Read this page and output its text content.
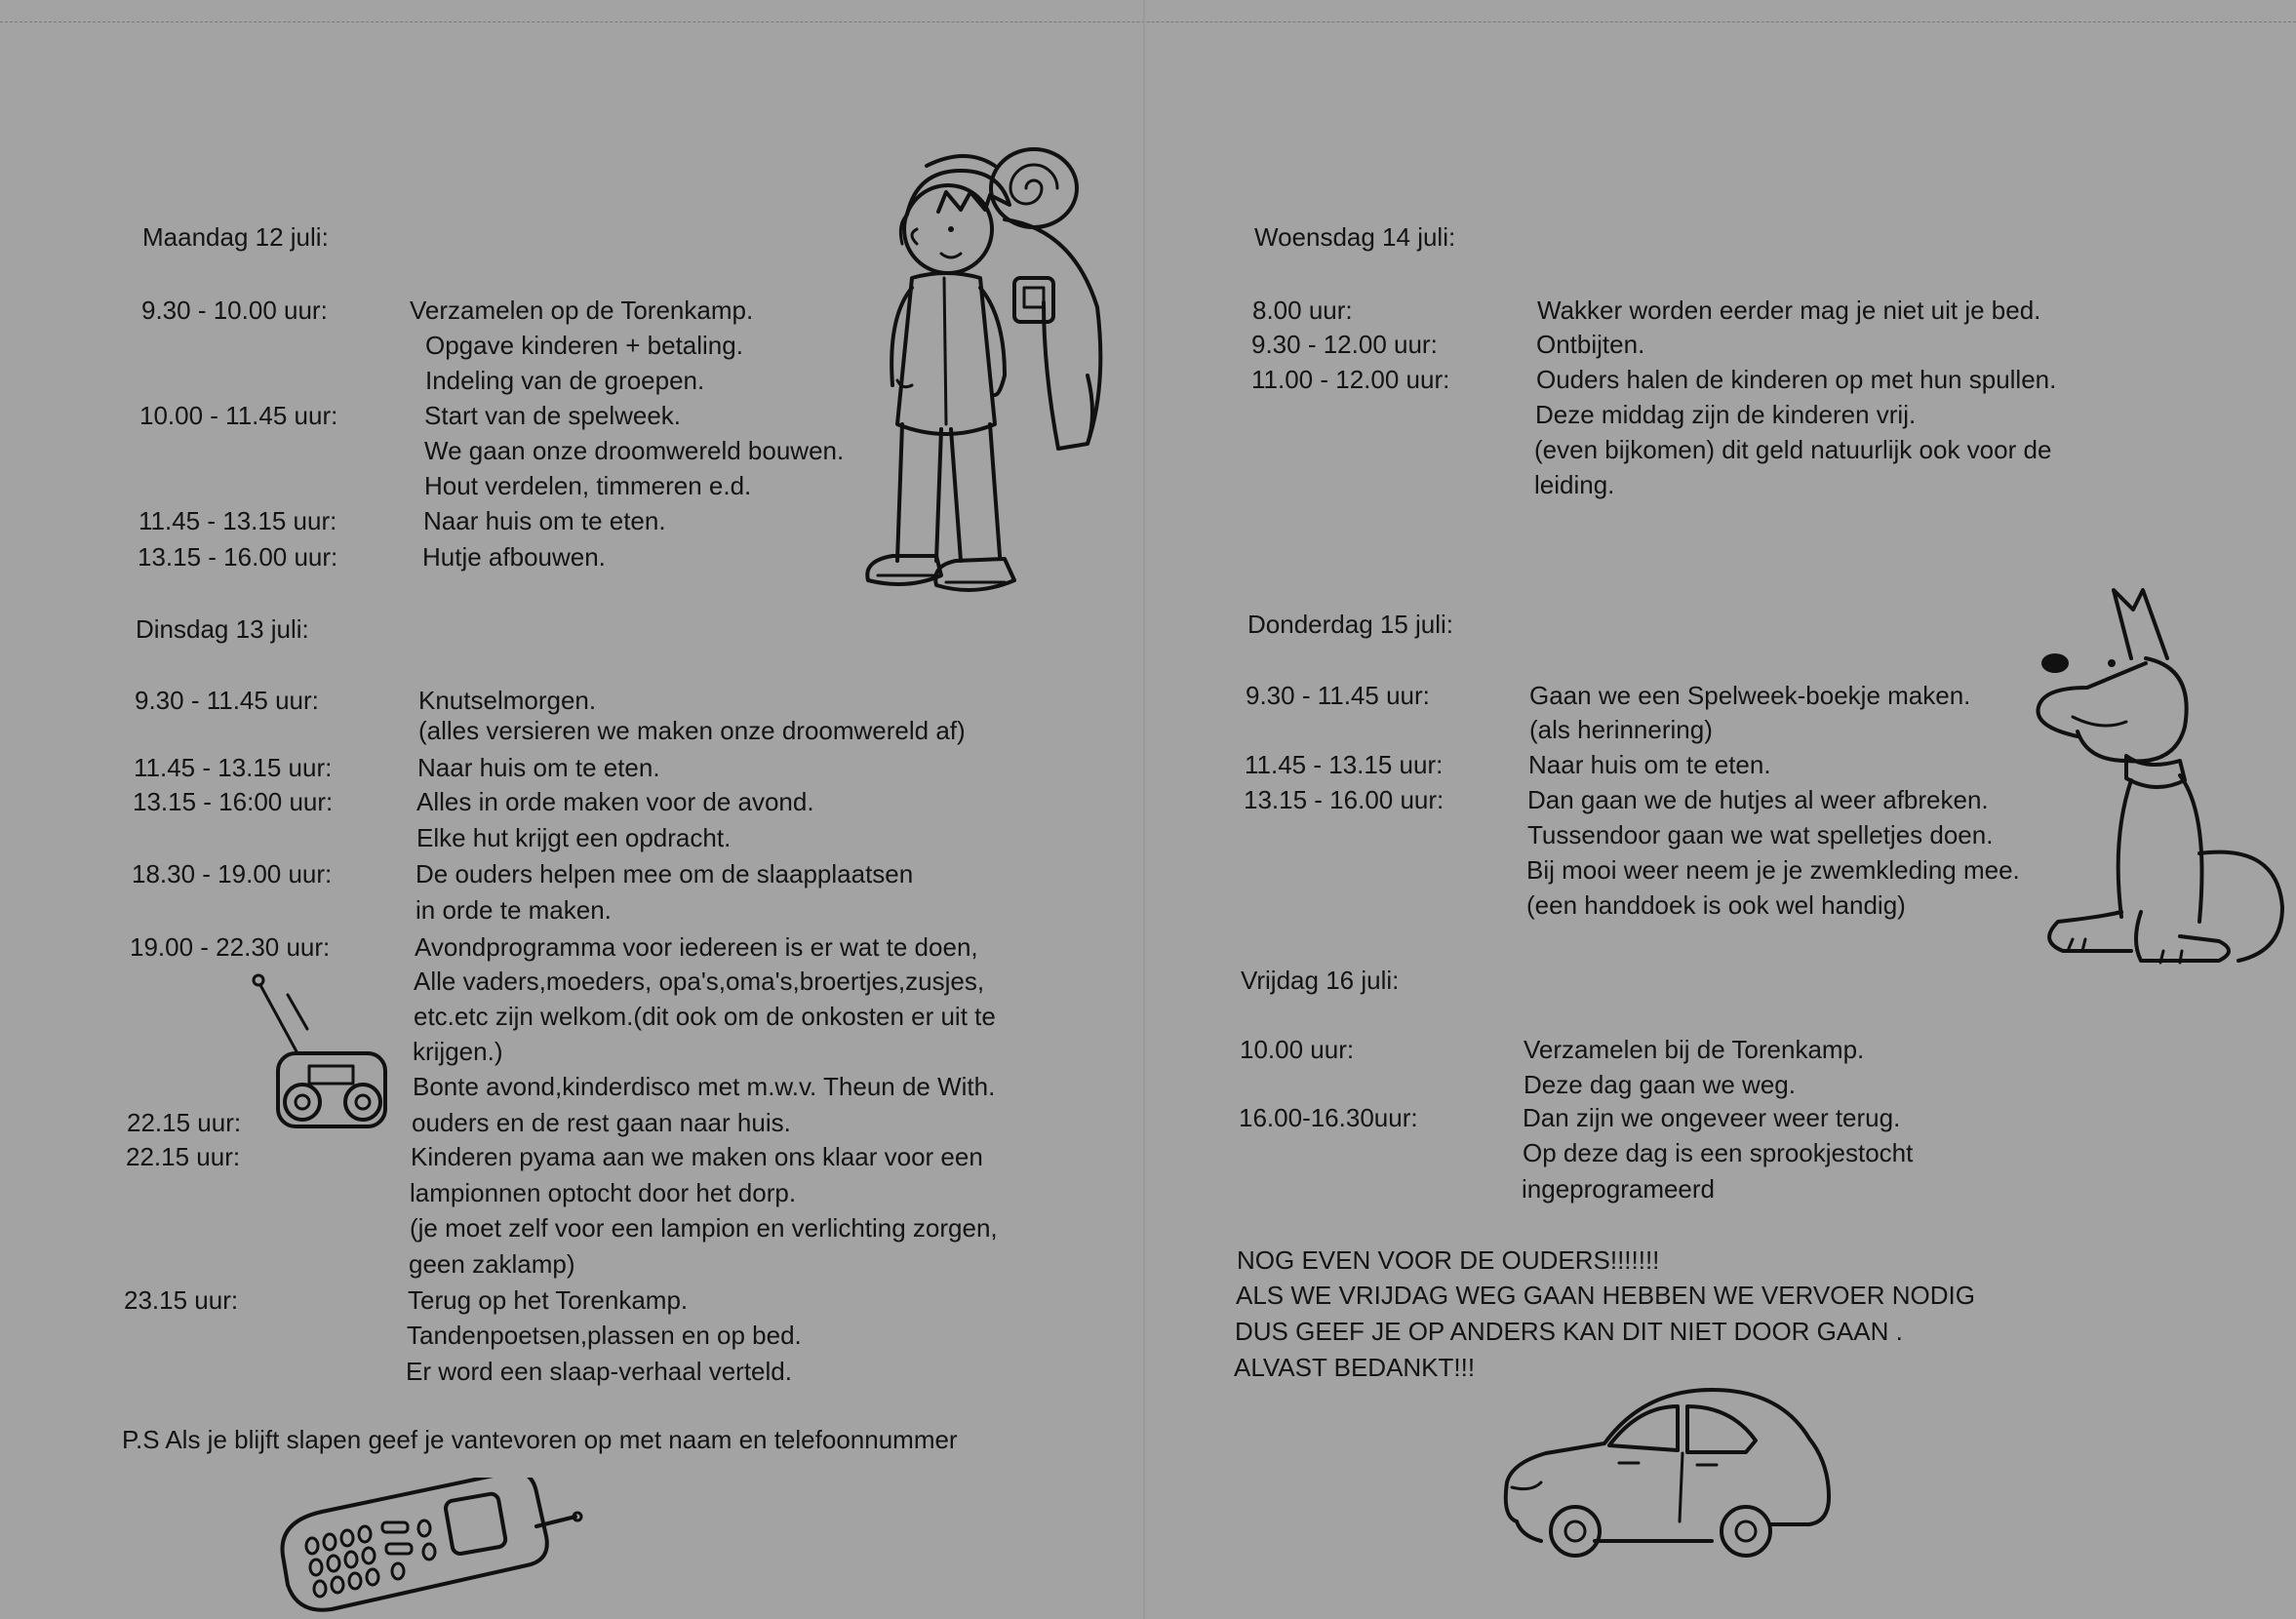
Maandag 12 juli:
9.30 - 10.00 uur:	Verzamelen op de Torenkamp.
Opgave kinderen + betaling.
Indeling van de groepen.
10.00 - 11.45 uur:	Start van de spelweek.
We gaan onze droomwereld bouwen.
Hout verdelen, timmeren e.d.
11.45 - 13.15 uur:	Naar huis om te eten.
13.15 - 16.00 uur:	Hutje afbouwen.
Dinsdag 13 juli:
9.30 - 11.45 uur:	Knutselmorgen.
(alles versieren we maken onze droomwereld af)
11.45 - 13.15 uur:	Naar huis om te eten.
13.15 - 16:00 uur:	Alles in orde maken voor de avond.
Elke hut krijgt een opdracht.
18.30 - 19.00 uur:	De ouders helpen mee om de slaapplaatsen
in orde te maken.
19.00 - 22.30 uur:	Avondprogramma voor iedereen is er wat te doen,
Alle vaders,moeders, opa's,oma's,broertjes,zusjes,
etc.etc zijn welkom.(dit ook om de onkosten er uit te
krijgen.)
Bonte avond,kinderdisco met m.w.v. Theun de With.
22.15 uur:	ouders en de rest gaan naar huis.
22.15 uur:	Kinderen pyama aan we maken ons klaar voor een
lampionnen optocht door het dorp.
(je moet zelf voor een lampion en verlichting zorgen,
geen zaklamp)
23.15 uur:	Terug op het Torenkamp.
Tandenpoetsen,plassen en op bed.
Er word een slaap-verhaal verteld.
P.S Als je blijft slapen geef je vantevoren op met naam en telefoonnummer
Woensdag 14 juli:
8.00 uur:	Wakker worden eerder mag je niet uit je bed.
9.30 - 12.00 uur:	Ontbijten.
11.00 - 12.00 uur:	Ouders halen de kinderen op met hun spullen.
Deze middag zijn de kinderen vrij.
(even bijkomen) dit geld natuurlijk ook voor de
leiding.
Donderdag 15 juli:
9.30 - 11.45 uur:	Gaan we een Spelweek-boekje maken.
(als herinnering)
11.45 - 13.15 uur:	Naar huis om te eten.
13.15 - 16.00 uur:	Dan gaan we de hutjes al weer afbreken.
Tussendoor gaan we wat spelletjes doen.
Bij mooi weer neem je je zwemkleding mee.
(een handdoek is ook wel handig)
Vrijdag 16 juli:
10.00 uur:	Verzamelen bij de Torenkamp.
Deze dag gaan we weg.
16.00-16.30uur:	Dan zijn we ongeveer weer terug.
Op deze dag is een sprookjestocht
ingeprogrameerd
NOG EVEN VOOR DE OUDERS!!!!!!!
ALS WE VRIJDAG WEG GAAN HEBBEN WE VERVOER NODIG
DUS GEEF JE OP ANDERS KAN DIT NIET DOOR GAAN .
ALVAST BEDANKT!!!
